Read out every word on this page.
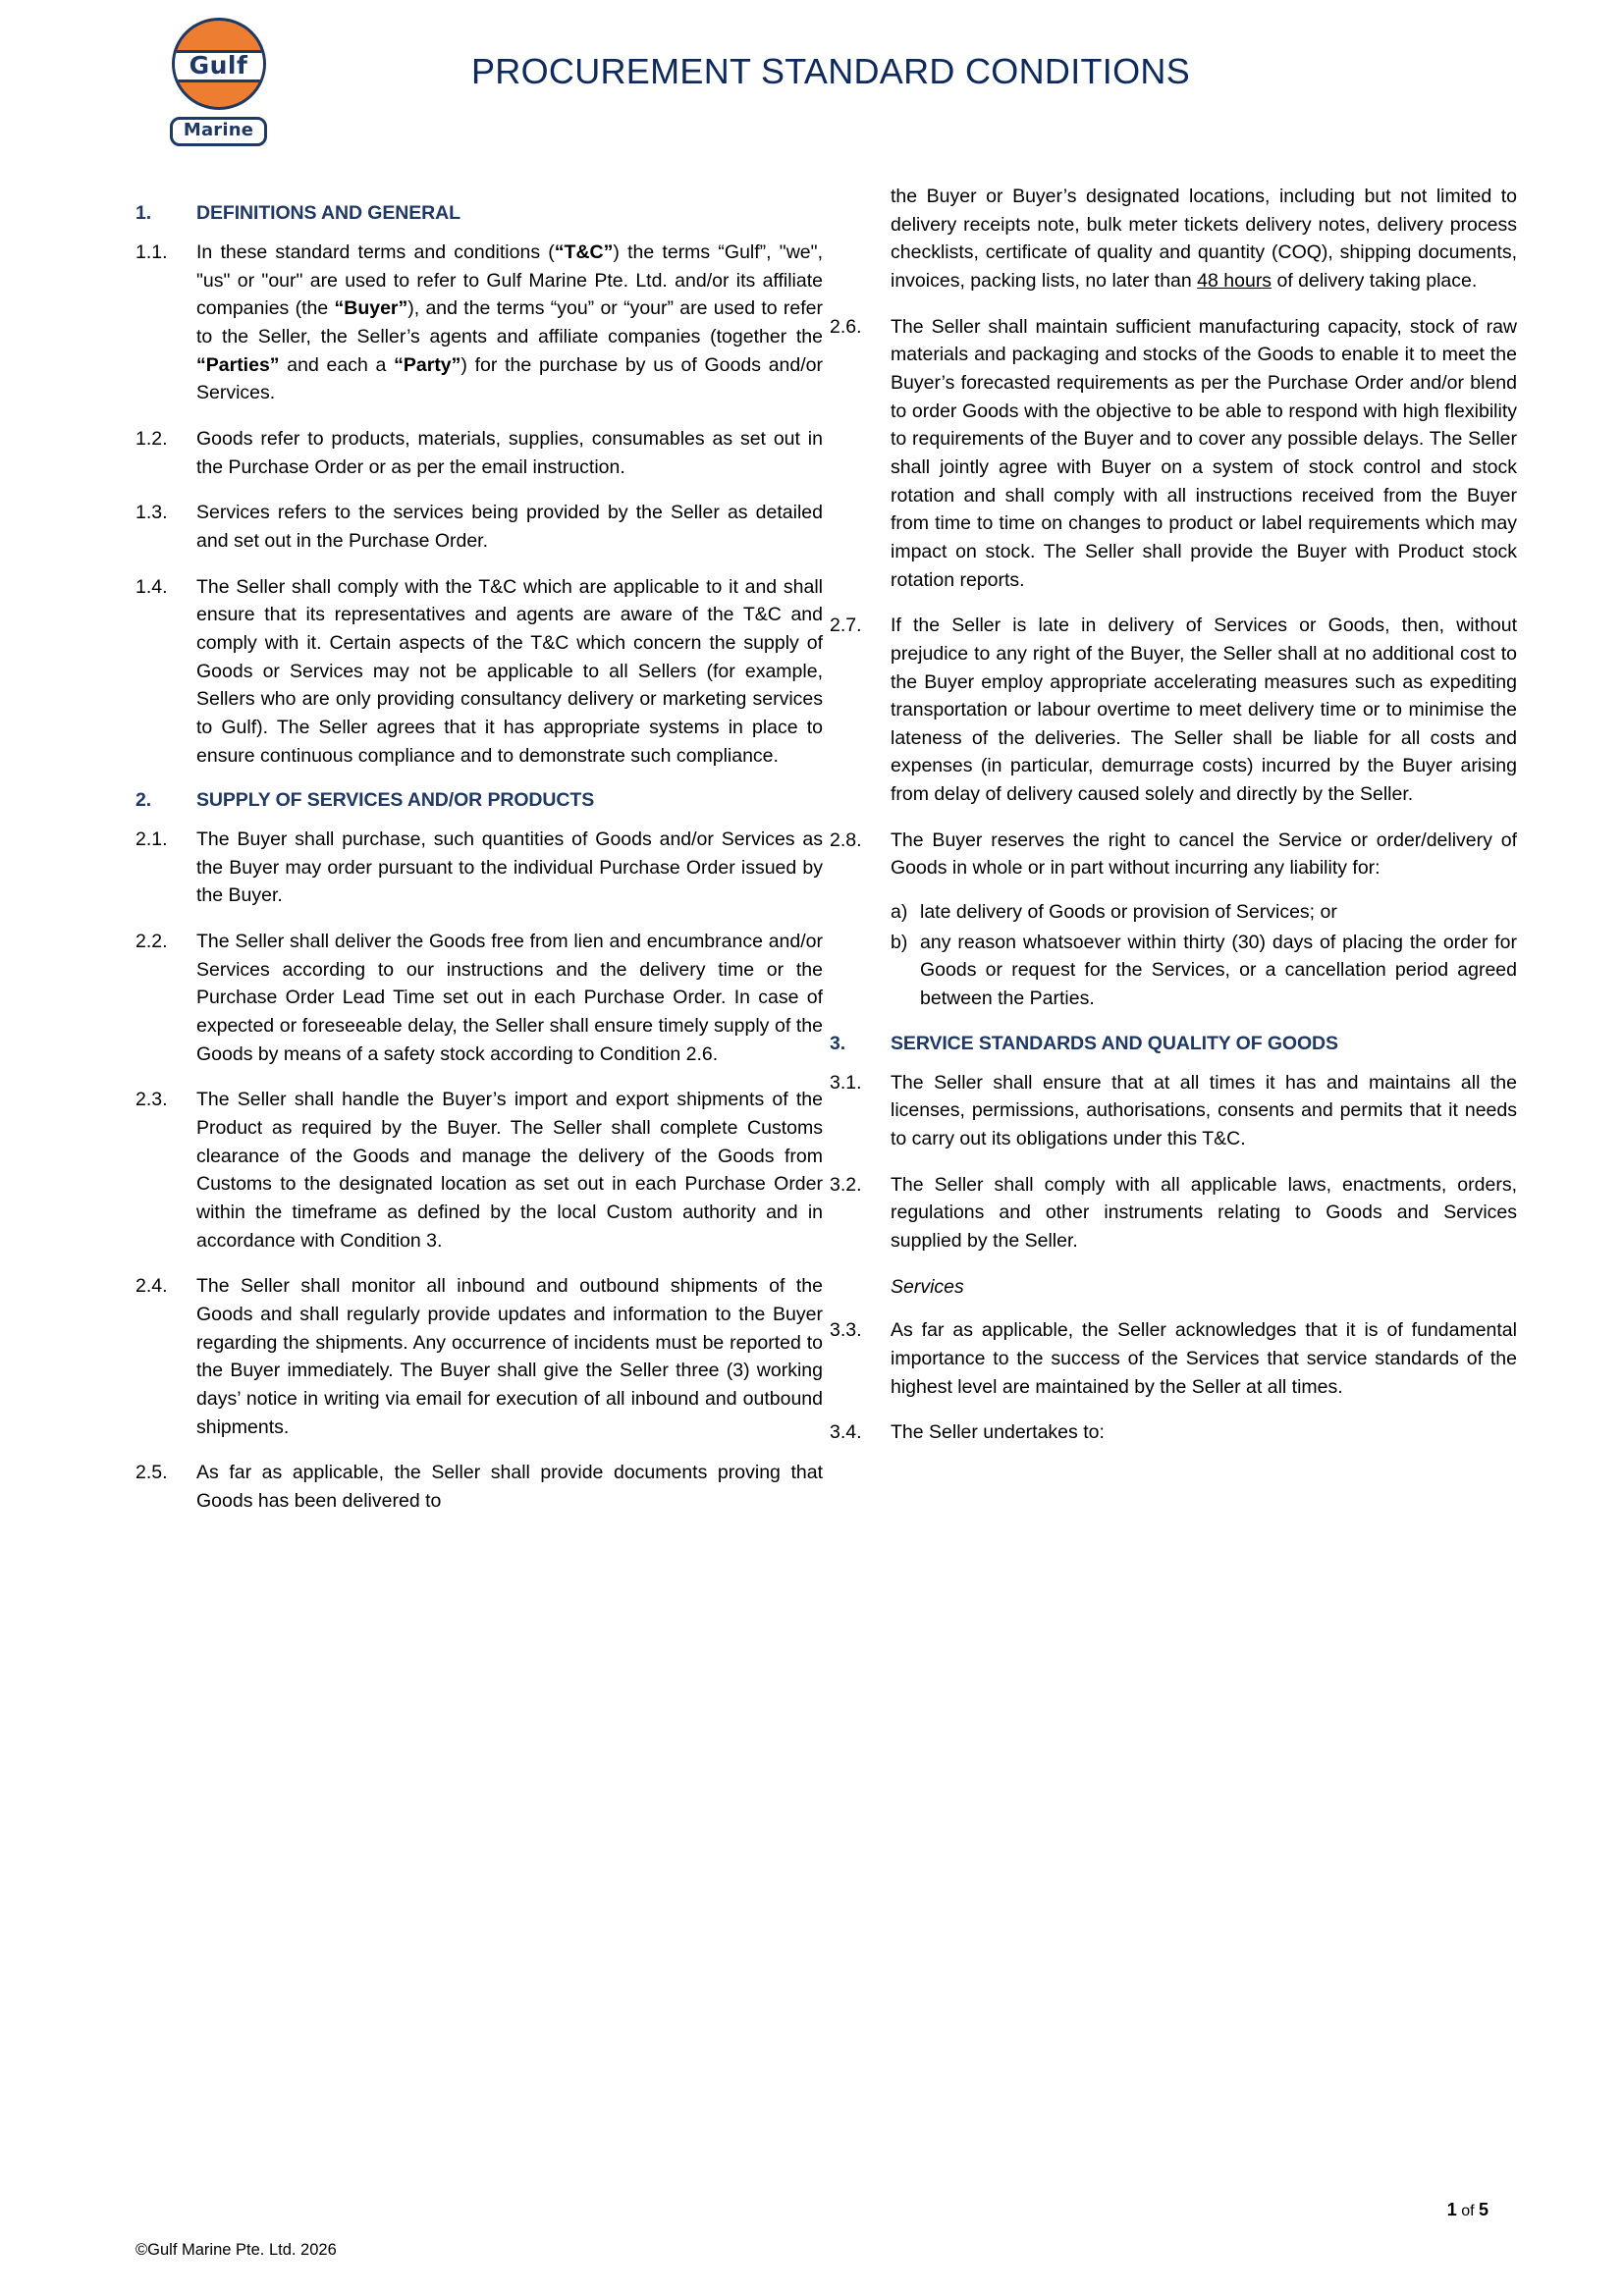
Gulf
Marine
PROCUREMENT STANDARD CONDITIONS
1.	DEFINITIONS AND GENERAL
1.1.	In these standard terms and conditions (“T&C”) the terms “Gulf”, "we", "us" or "our" are used to refer to Gulf Marine Pte. Ltd. and/or its affiliate companies (the “Buyer”), and the terms “you” or “your” are used to refer to the Seller, the Seller’s agents and affiliate companies (together the “Parties” and each a “Party”) for the purchase by us of Goods and/or Services.
1.2.	Goods refer to products, materials, supplies, consumables as set out in the Purchase Order or as per the email instruction.
1.3.	Services refers to the services being provided by the Seller as detailed and set out in the Purchase Order.
1.4.	The Seller shall comply with the T&C which are applicable to it and shall ensure that its representatives and agents are aware of the T&C and comply with it. Certain aspects of the T&C which concern the supply of Goods or Services may not be applicable to all Sellers (for example, Sellers who are only providing consultancy delivery or marketing services to Gulf). The Seller agrees that it has appropriate systems in place to ensure continuous compliance and to demonstrate such compliance.
2.	SUPPLY OF SERVICES AND/OR PRODUCTS
2.1.	The Buyer shall purchase, such quantities of Goods and/or Services as the Buyer may order pursuant to the individual Purchase Order issued by the Buyer.
2.2.	The Seller shall deliver the Goods free from lien and encumbrance and/or Services according to our instructions and the delivery time or the Purchase Order Lead Time set out in each Purchase Order. In case of expected or foreseeable delay, the Seller shall ensure timely supply of the Goods by means of a safety stock according to Condition 2.6.
2.3.	The Seller shall handle the Buyer’s import and export shipments of the Product as required by the Buyer. The Seller shall complete Customs clearance of the Goods and manage the delivery of the Goods from Customs to the designated location as set out in each Purchase Order within the timeframe as defined by the local Custom authority and in accordance with Condition 3.
2.4.	The Seller shall monitor all inbound and outbound shipments of the Goods and shall regularly provide updates and information to the Buyer regarding the shipments. Any occurrence of incidents must be reported to the Buyer immediately. The Buyer shall give the Seller three (3) working days’ notice in writing via email for execution of all inbound and outbound shipments.
2.5.	As far as applicable, the Seller shall provide documents proving that Goods has been delivered to
the Buyer or Buyer’s designated locations, including but not limited to delivery receipts note, bulk meter tickets delivery notes, delivery process checklists, certificate of quality and quantity (COQ), shipping documents, invoices, packing lists, no later than 48 hours of delivery taking place.
2.6.	The Seller shall maintain sufficient manufacturing capacity, stock of raw materials and packaging and stocks of the Goods to enable it to meet the Buyer’s forecasted requirements as per the Purchase Order and/or blend to order Goods with the objective to be able to respond with high flexibility to requirements of the Buyer and to cover any possible delays. The Seller shall jointly agree with Buyer on a system of stock control and stock rotation and shall comply with all instructions received from the Buyer from time to time on changes to product or label requirements which may impact on stock. The Seller shall provide the Buyer with Product stock rotation reports.
2.7.	If the Seller is late in delivery of Services or Goods, then, without prejudice to any right of the Buyer, the Seller shall at no additional cost to the Buyer employ appropriate accelerating measures such as expediting transportation or labour overtime to meet delivery time or to minimise the lateness of the deliveries. The Seller shall be liable for all costs and expenses (in particular, demurrage costs) incurred by the Buyer arising from delay of delivery caused solely and directly by the Seller.
2.8.	The Buyer reserves the right to cancel the Service or order/delivery of Goods in whole or in part without incurring any liability for:
a) late delivery of Goods or provision of Services; or
b) any reason whatsoever within thirty (30) days of placing the order for Goods or request for the Services, or a cancellation period agreed between the Parties.
3.	SERVICE STANDARDS AND QUALITY OF GOODS
3.1.	The Seller shall ensure that at all times it has and maintains all the licenses, permissions, authorisations, consents and permits that it needs to carry out its obligations under this T&C.
3.2.	The Seller shall comply with all applicable laws, enactments, orders, regulations and other instruments relating to Goods and Services supplied by the Seller.
Services
3.3.	As far as applicable, the Seller acknowledges that it is of fundamental importance to the success of the Services that service standards of the highest level are maintained by the Seller at all times.
3.4.	The Seller undertakes to:
1 of 5
©Gulf Marine Pte. Ltd. 2026
